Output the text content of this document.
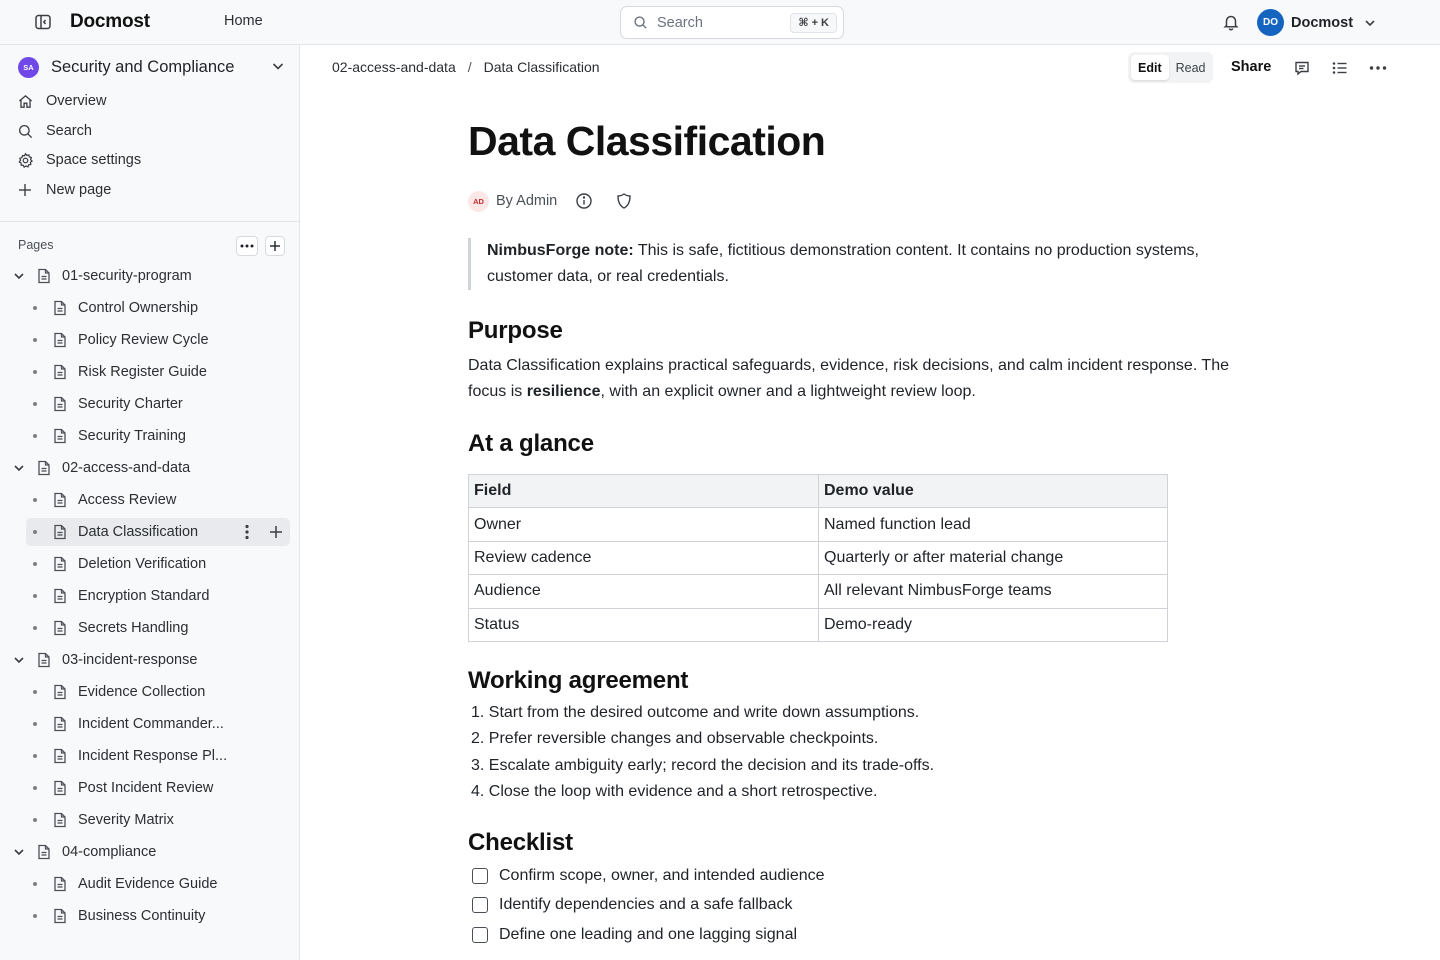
Docmost	Home	Search	⌘ + K	DO Docmost
SA	Security and Compliance
Overview
Search
Space settings
New page
Pages
01-security-program
Control Ownership
Policy Review Cycle
Risk Register Guide
Security Charter
Security Training
02-access-and-data
Access Review
Data Classification
Deletion Verification
Encryption Standard
Secrets Handling
03-incident-response
Evidence Collection
Incident Commander...
Incident Response Pl...
Post Incident Review
Severity Matrix
04-compliance
Audit Evidence Guide
Business Continuity
02-access-and-data / Data Classification	Edit	Read	Share
Data Classification
AD By Admin
NimbusForge note: This is safe, fictitious demonstration content. It contains no production systems, customer data, or real credentials.
Purpose

Data Classification explains practical safeguards, evidence, risk decisions, and calm incident response. The focus is resilience, with an explicit owner and a lightweight review loop.

At a glance
Field	Demo value
Owner	Named function lead
Review cadence	Quarterly or after material change
Audience	All relevant NimbusForge teams
Status	Demo-ready
Working agreement
1. Start from the desired outcome and write down assumptions.
2. Prefer reversible changes and observable checkpoints.
3. Escalate ambiguity early; record the decision and its trade-offs.
4. Close the loop with evidence and a short retrospective.
Checklist
Confirm scope, owner, and intended audience
Identify dependencies and a safe fallback
Define one leading and one lagging signal
